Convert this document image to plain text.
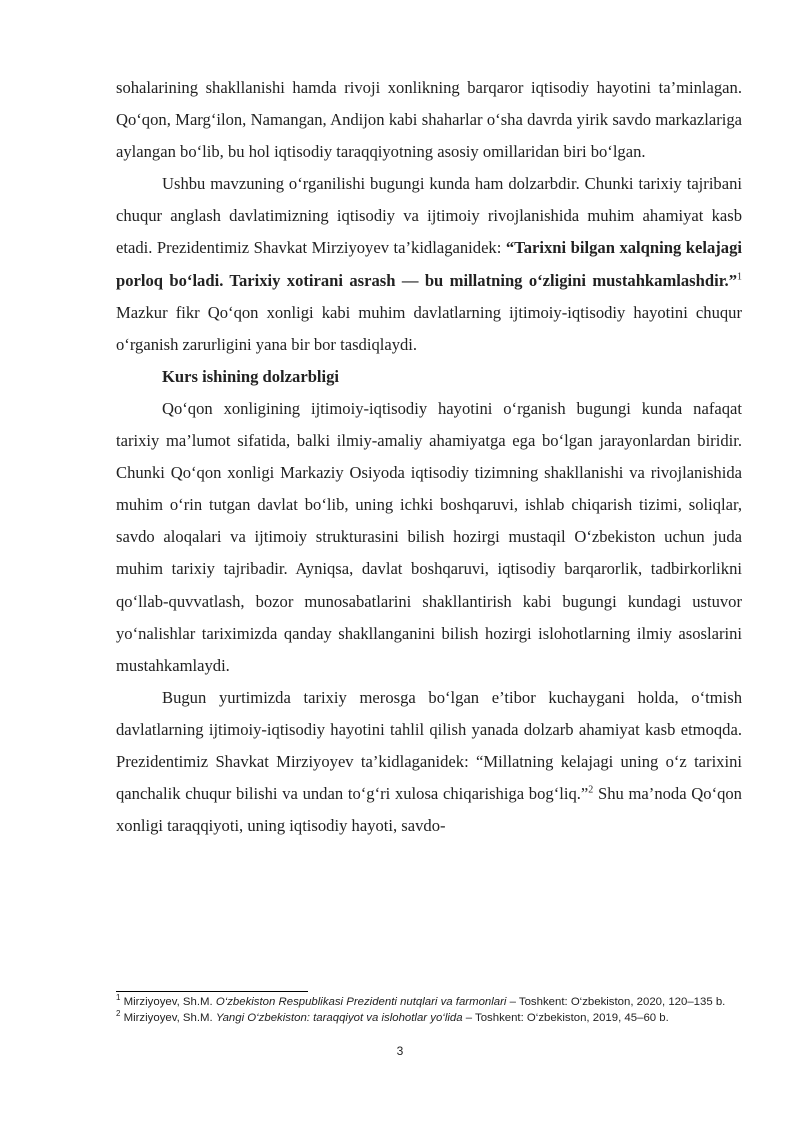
sohalarining shakllanishi hamda rivoji xonlikning barqaror iqtisodiy hayotini ta’minlagan. Qo‘qon, Marg‘ilon, Namangan, Andijon kabi shaharlar o‘sha davrda yirik savdo markazlariga aylangan bo‘lib, bu hol iqtisodiy taraqqiyotning asosiy omillaridan biri bo‘lgan.

Ushbu mavzuning o‘rganilishi bugungi kunda ham dolzarbdir. Chunki tarixiy tajribani chuqur anglash davlatimizning iqtisodiy va ijtimoiy rivojlanishida muhim ahamiyat kasb etadi. Prezidentimiz Shavkat Mirziyoyev ta’kidlaganidek: “Tarixni bilgan xalqning kelajagi porloq bo‘ladi. Tarixiy xotirani asrash — bu millatning o‘zligini mustahkamlashdir.”$^1$ Mazkur fikr Qo‘qon xonligi kabi muhim davlatlarning ijtimoiy-iqtisodiy hayotini chuqur o‘rganish zarurligini yana bir bor tasdiqlaydi.

Kurs ishining dolzarbligi

Qo‘qon xonligining ijtimoiy-iqtisodiy hayotini o‘rganish bugungi kunda nafaqat tarixiy ma’lumot sifatida, balki ilmiy-amaliy ahamiyatga ega bo‘lgan jarayonlardan biridir. Chunki Qo‘qon xonligi Markaziy Osiyoda iqtisodiy tizimning shakllanishi va rivojlanishida muhim o‘rin tutgan davlat bo‘lib, uning ichki boshqaruvi, ishlab chiqarish tizimi, soliqlar, savdo aloqalari va ijtimoiy strukturasini bilish hozirgi mustaqil O‘zbekiston uchun juda muhim tarixiy tajribadir. Ayniqsa, davlat boshqaruvi, iqtisodiy barqarorlik, tadbirkorlikni qo‘llab-quvvatlash, bozor munosabatlarini shakllantirish kabi bugungi kundagi ustuvor yo‘nalishlar tariximizda qanday shakllanganini bilish hozirgi islohotlarning ilmiy asoslarini mustahkamlaydi.

Bugun yurtimizda tarixiy merosga bo‘lgan e’tibor kuchaygani holda, o‘tmish davlatlarning ijtimoiy-iqtisodiy hayotini tahlil qilish yanada dolzarb ahamiyat kasb etmoqda. Prezidentimiz Shavkat Mirziyoyev ta’kidlaganidek: “Millatning kelajagi uning o‘z tarixini qanchalik chuqur bilishi va undan to‘g‘ri xulosa chiqarishiga bog‘liq.”$^2$ Shu ma’noda Qo‘qon xonligi taraqqiyoti, uning iqtisodiy hayoti, savdo-

$^1$ Mirziyoyev, Sh.M. O‘zbekiston Respublikasi Prezidenti nutqlari va farmonlari – Toshkent: O‘zbekiston, 2020, 120–135 b.

$^2$ Mirziyoyev, Sh.M. Yangi O‘zbekiston: taraqqiyot va islohotlar yo‘lida – Toshkent: O‘zbekiston, 2019, 45–60 b.

3
